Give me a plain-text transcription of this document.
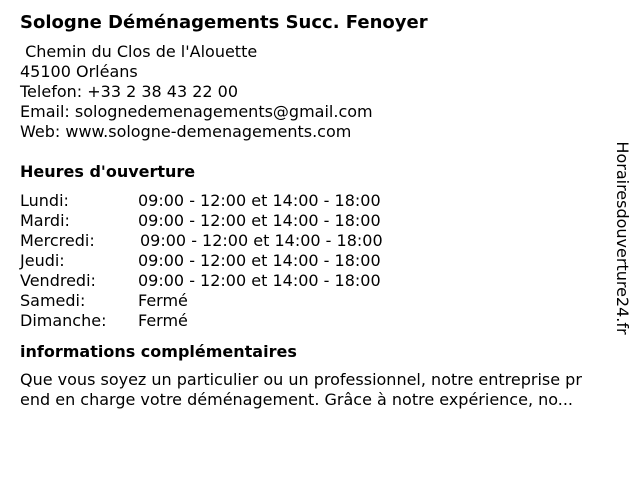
Sologne Déménagements Succ. Fenoyer
Chemin du Clos de l'Alouette
45100 Orléans
Telefon: +33 2 38 43 22 00
Email: solognedemenagements@gmail.com
Web: www.sologne-demenagements.com
Heures d'ouverture
Lundi:	09:00 - 12:00 et 14:00 - 18:00
Mardi:	09:00 - 12:00 et 14:00 - 18:00
Mercredi:	09:00 - 12:00 et 14:00 - 18:00
Jeudi:	09:00 - 12:00 et 14:00 - 18:00
Vendredi:	09:00 - 12:00 et 14:00 - 18:00
Samedi:	Fermé
Dimanche: Fermé
informations complémentaires
Que vous soyez un particulier ou un professionnel, notre entreprise pr
end en charge votre déménagement. Grâce à notre expérience, no...
Horairesdouverture24.fr
